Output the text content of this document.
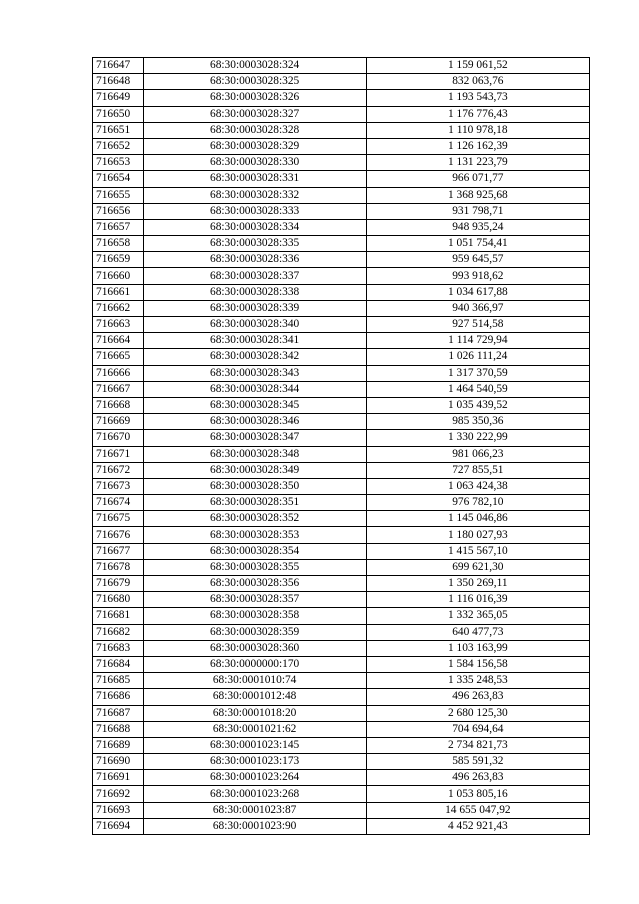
716647	68:30:0003028:324	1 159 061,52
716648	68:30:0003028:325	832 063,76
716649	68:30:0003028:326	1 193 543,73
716650	68:30:0003028:327	1 176 776,43
716651	68:30:0003028:328	1 110 978,18
716652	68:30:0003028:329	1 126 162,39
716653	68:30:0003028:330	1 131 223,79
716654	68:30:0003028:331	966 071,77
716655	68:30:0003028:332	1 368 925,68
716656	68:30:0003028:333	931 798,71
716657	68:30:0003028:334	948 935,24
716658	68:30:0003028:335	1 051 754,41
716659	68:30:0003028:336	959 645,57
716660	68:30:0003028:337	993 918,62
716661	68:30:0003028:338	1 034 617,88
716662	68:30:0003028:339	940 366,97
716663	68:30:0003028:340	927 514,58
716664	68:30:0003028:341	1 114 729,94
716665	68:30:0003028:342	1 026 111,24
716666	68:30:0003028:343	1 317 370,59
716667	68:30:0003028:344	1 464 540,59
716668	68:30:0003028:345	1 035 439,52
716669	68:30:0003028:346	985 350,36
716670	68:30:0003028:347	1 330 222,99
716671	68:30:0003028:348	981 066,23
716672	68:30:0003028:349	727 855,51
716673	68:30:0003028:350	1 063 424,38
716674	68:30:0003028:351	976 782,10
716675	68:30:0003028:352	1 145 046,86
716676	68:30:0003028:353	1 180 027,93
716677	68:30:0003028:354	1 415 567,10
716678	68:30:0003028:355	699 621,30
716679	68:30:0003028:356	1 350 269,11
716680	68:30:0003028:357	1 116 016,39
716681	68:30:0003028:358	1 332 365,05
716682	68:30:0003028:359	640 477,73
716683	68:30:0003028:360	1 103 163,99
716684	68:30:0000000:170	1 584 156,58
716685	68:30:0001010:74	1 335 248,53
716686	68:30:0001012:48	496 263,83
716687	68:30:0001018:20	2 680 125,30
716688	68:30:0001021:62	704 694,64
716689	68:30:0001023:145	2 734 821,73
716690	68:30:0001023:173	585 591,32
716691	68:30:0001023:264	496 263,83
716692	68:30:0001023:268	1 053 805,16
716693	68:30:0001023:87	14 655 047,92
716694	68:30:0001023:90	4 452 921,43
